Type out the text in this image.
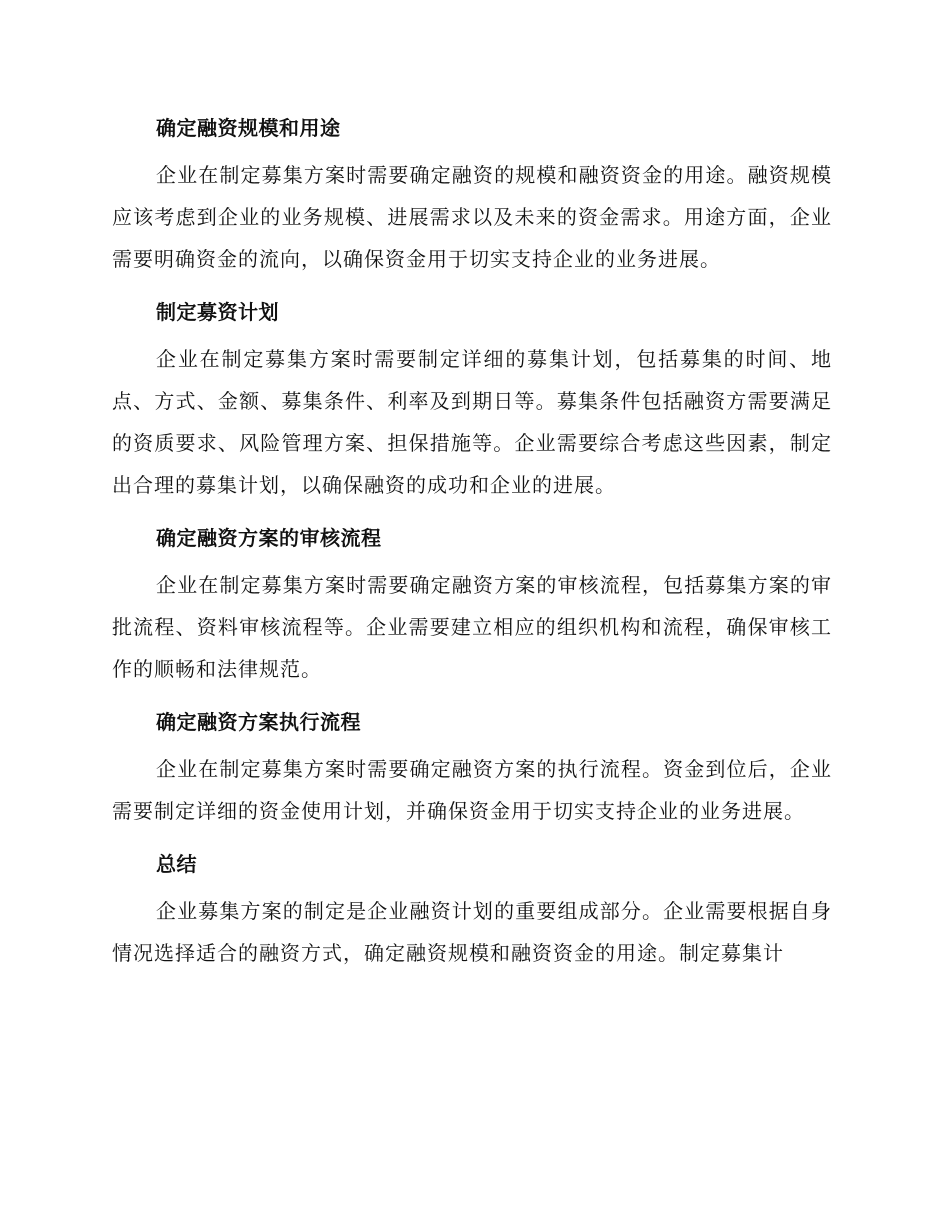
确定融资规模和用途

企业在制定募集方案时需要确定融资的规模和融资资金的用途。融资规模应该考虑到企业的业务规模、进展需求以及未来的资金需求。用途方面，企业需要明确资金的流向，以确保资金用于切实支持企业的业务进展。

制定募资计划

企业在制定募集方案时需要制定详细的募集计划，包括募集的时间、地点、方式、金额、募集条件、利率及到期日等。募集条件包括融资方需要满足的资质要求、风险管理方案、担保措施等。企业需要综合考虑这些因素，制定出合理的募集计划，以确保融资的成功和企业的进展。

确定融资方案的审核流程

企业在制定募集方案时需要确定融资方案的审核流程，包括募集方案的审批流程、资料审核流程等。企业需要建立相应的组织机构和流程，确保审核工作的顺畅和法律规范。

确定融资方案执行流程

企业在制定募集方案时需要确定融资方案的执行流程。资金到位后，企业需要制定详细的资金使用计划，并确保资金用于切实支持企业的业务进展。

总结

企业募集方案的制定是企业融资计划的重要组成部分。企业需要根据自身情况选择适合的融资方式，确定融资规模和融资资金的用途。制定募集计
